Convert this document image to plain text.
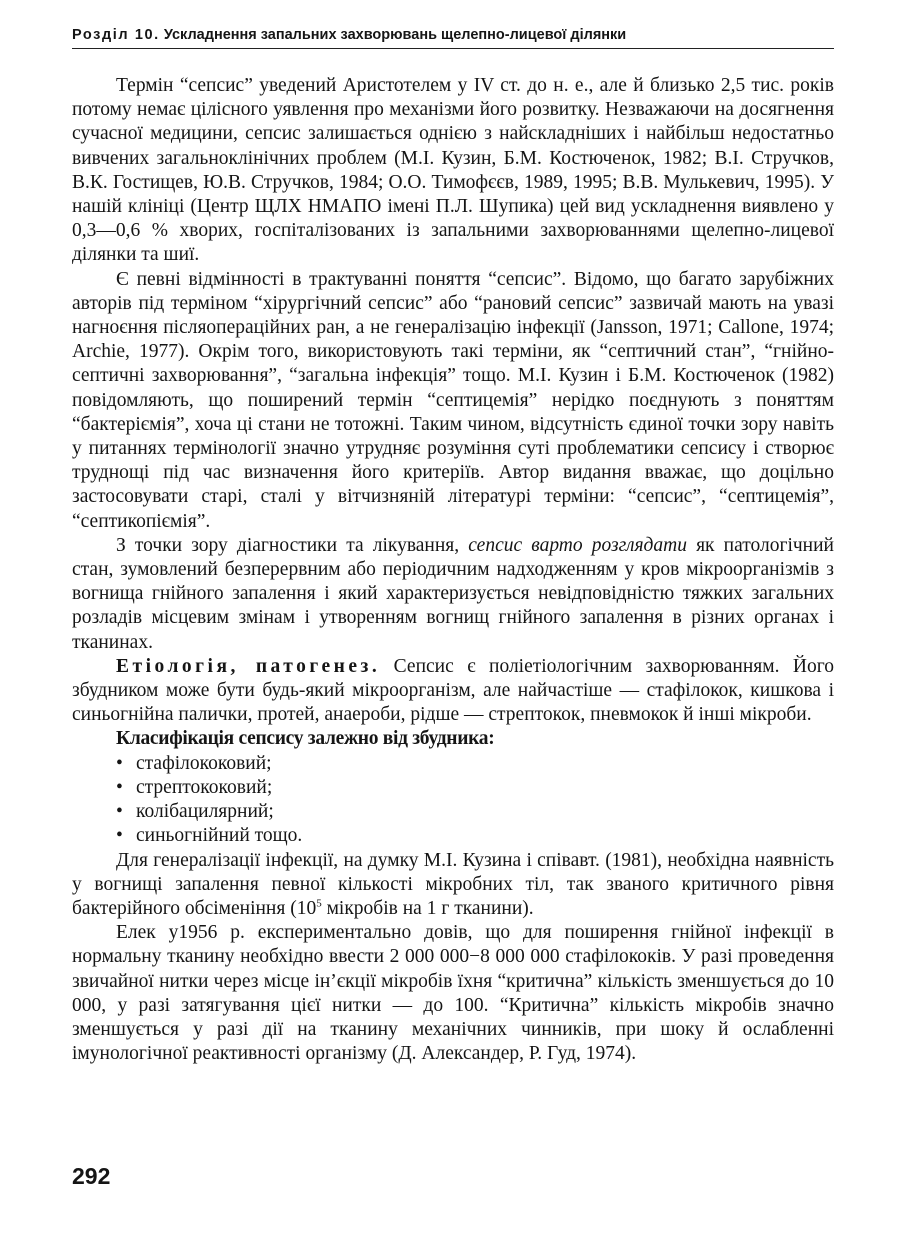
Розділ 10. Ускладнення запальних захворювань щелепно-лицевої ділянки

Термін “сепсис” уведений Аристотелем у IV ст. до н. е., але й близько 2,5 тис. років потому немає цілісного уявлення про механізми його розвитку. Незважаючи на досягнення сучасної медицини, сепсис залишається однією з найскладніших і найбільш недостатньо вивчених загальноклінічних проблем (М.І. Кузин, Б.М. Костюченок, 1982; В.І. Стручков, В.К. Гостищев, Ю.В. Стручков, 1984; О.О. Тимофєєв, 1989, 1995; В.В. Мулькевич, 1995). У нашій клініці (Центр ЩЛХ НМАПО імені П.Л. Шупика) цей вид ускладнення виявлено у 0,3—0,6 % хворих, госпіталізованих із запальними захворюваннями щелепно-лицевої ділянки та шиї.

Є певні відмінності в трактуванні поняття “сепсис”. Відомо, що багато зарубіжних авторів під терміном “хірургічний сепсис” або “рановий сепсис” зазвичай мають на увазі нагноєння післяопераційних ран, а не генералізацію інфекції (Jansson, 1971; Callone, 1974; Archie, 1977). Окрім того, використовують такі терміни, як “септичний стан”, “гнійно-септичні захворювання”, “загальна інфекція” тощо. М.І. Кузин і Б.М. Костюченок (1982) повідомляють, що поширений термін “септицемія” нерідко поєднують з поняттям “бактеріємія”, хоча ці стани не тотожні. Таким чином, відсутність єдиної точки зору навіть у питаннях термінології значно утрудняє розуміння суті проблематики сепсису і створює труднощі під час визначення його критеріїв. Автор видання вважає, що доцільно застосовувати старі, сталі у вітчизняній літературі терміни: “сепсис”, “септицемія”, “септикопіємія”.

З точки зору діагностики та лікування, сепсис варто розглядати як патологічний стан, зумовлений безперервним або періодичним надходженням у кров мікроорганізмів з вогнища гнійного запалення і який характеризується невідповідністю тяжких загальних розладів місцевим змінам і утворенням вогнищ гнійного запалення в різних органах і тканинах.

Етіологія, патогенез. Сепсис є поліетіологічним захворюванням. Його збудником може бути будь-який мікроорганізм, але найчастіше — стафілокок, кишкова і синьогнійна палички, протей, анаероби, рідше — стрептокок, пневмокок й інші мікроби.

Класифікація сепсису залежно від збудника:
• стафілококовий;
• стрептококовий;
• колібацилярний;
• синьогнійний тощо.

Для генералізації інфекції, на думку М.І. Кузина і співавт. (1981), необхідна наявність у вогнищі запалення певної кількості мікробних тіл, так званого критичного рівня бактерійного обсіменіння ($10^5$ мікробів на 1 г тканини).

Елек у1956 р. експериментально довів, що для поширення гнійної інфекції в нормальну тканину необхідно ввести 2 000 000−8 000 000 стафілококів. У разі проведення звичайної нитки через місце ін’єкції мікробів їхня “критична” кількість зменшується до 10 000, у разі затягування цієї нитки — до 100. “Критична” кількість мікробів значно зменшується у разі дії на тканину механічних чинників, при шоку й ослабленні імунологічної реактивності організму (Д. Александер, Р. Гуд, 1974).

292
